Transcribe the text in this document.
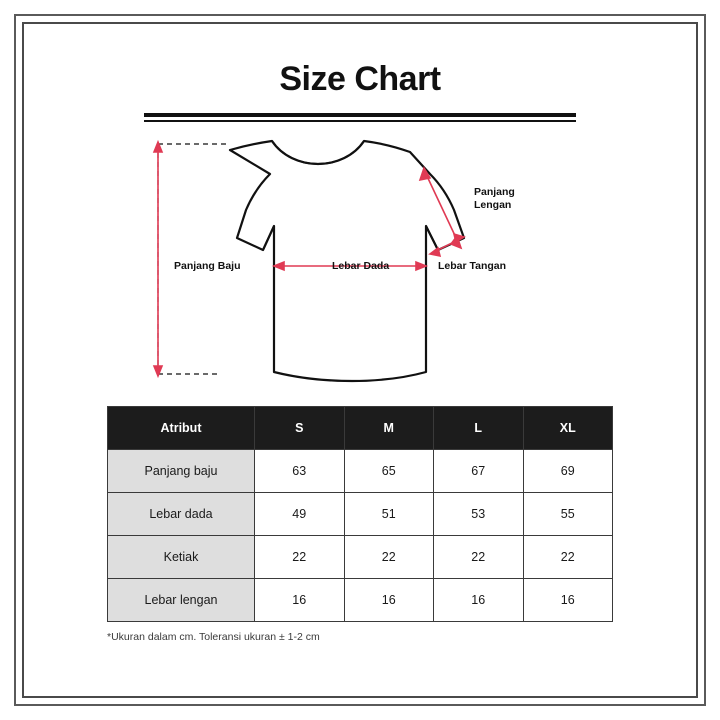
Size Chart
Panjang Baju	Lebar Dada
Panjang
Lengan
Lebar Tangan
Atribut	S	M	L	XL
Panjang baju	63	65	67	69
Lebar dada	49	51	53	55
Ketiak	22	22	22	22
Lebar lengan	16	16	16	16
*Ukuran dalam cm. Toleransi ukuran ± 1-2 cm
